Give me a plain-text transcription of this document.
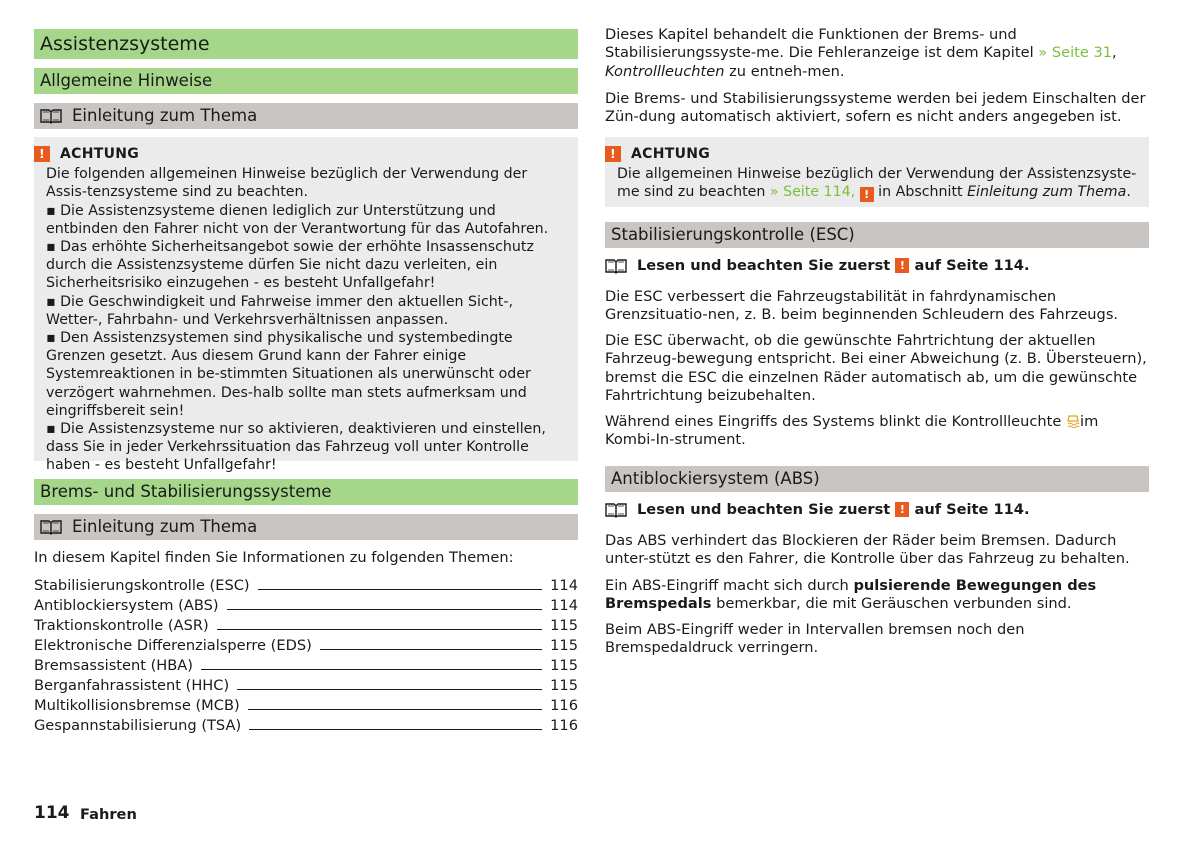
Assistenzsysteme
Allgemeine Hinweise
Einleitung zum Thema
!	ACHTUNG

Die folgenden allgemeinen Hinweise bezüglich der Verwendung der Assis-tenzsysteme sind zu beachten.

▪ Die Assistenzsysteme dienen lediglich zur Unterstützung und entbinden den Fahrer nicht von der Verantwortung für das Autofahren.

▪ Das erhöhte Sicherheitsangebot sowie der erhöhte Insassenschutz durch die Assistenzsysteme dürfen Sie nicht dazu verleiten, ein Sicherheitsrisiko einzugehen - es besteht Unfallgefahr!

▪ Die Geschwindigkeit und Fahrweise immer den aktuellen Sicht-, Wetter-, Fahrbahn- und Verkehrsverhältnissen anpassen.

▪ Den Assistenzsystemen sind physikalische und systembedingte Grenzen gesetzt. Aus diesem Grund kann der Fahrer einige Systemreaktionen in be-stimmten Situationen als unerwünscht oder verzögert wahrnehmen. Des-halb sollte man stets aufmerksam und eingriffsbereit sein!

▪ Die Assistenzsysteme nur so aktivieren, deaktivieren und einstellen, dass Sie in jeder Verkehrssituation das Fahrzeug voll unter Kontrolle haben - es besteht Unfallgefahr!

Brems- und Stabilisierungssysteme
Einleitung zum Thema

In diesem Kapitel finden Sie Informationen zu folgenden Themen:

Stabilisierungskontrolle (ESC)	114
Antiblockiersystem (ABS)	114
Traktionskontrolle (ASR)	115
Elektronische Differenzialsperre (EDS)	115
Bremsassistent (HBA)	115
Berganfahrassistent (HHC)	115
Multikollisionsbremse (MCB)	116
Gespannstabilisierung (TSA)	116

Dieses Kapitel behandelt die Funktionen der Brems- und Stabilisierungssyste-me. Die Fehleranzeige ist dem Kapitel » Seite 31, Kontrollleuchten zu entneh-men.

Die Brems- und Stabilisierungssysteme werden bei jedem Einschalten der Zün-dung automatisch aktiviert, sofern es nicht anders angegeben ist.

!	ACHTUNG

Die allgemeinen Hinweise bezüglich der Verwendung der Assistenzsyste-me sind zu beachten » Seite 114, ! in Abschnitt Einleitung zum Thema.

Stabilisierungskontrolle (ESC)
Lesen und beachten Sie zuerst
!
auf Seite 114.

Die ESC verbessert die Fahrzeugstabilität in fahrdynamischen Grenzsituatio-nen, z. B. beim beginnenden Schleudern des Fahrzeugs.

Die ESC überwacht, ob die gewünschte Fahrtrichtung der aktuellen Fahrzeug-bewegung entspricht. Bei einer Abweichung (z. B. Übersteuern), bremst die ESC die einzelnen Räder automatisch ab, um die gewünschte Fahrtrichtung beizubehalten.

Während eines Eingriffs des Systems blinkt die Kontrollleuchte im Kombi-In-strument.

Antiblockiersystem (ABS)
Lesen und beachten Sie zuerst
!
auf Seite 114.

Das ABS verhindert das Blockieren der Räder beim Bremsen. Dadurch unter-stützt es den Fahrer, die Kontrolle über das Fahrzeug zu behalten.

Ein ABS-Eingriff macht sich durch pulsierende Bewegungen des Bremspedals bemerkbar, die mit Geräuschen verbunden sind.

Beim ABS-Eingriff weder in Intervallen bremsen noch den Bremspedaldruck verringern.

114 Fahren
